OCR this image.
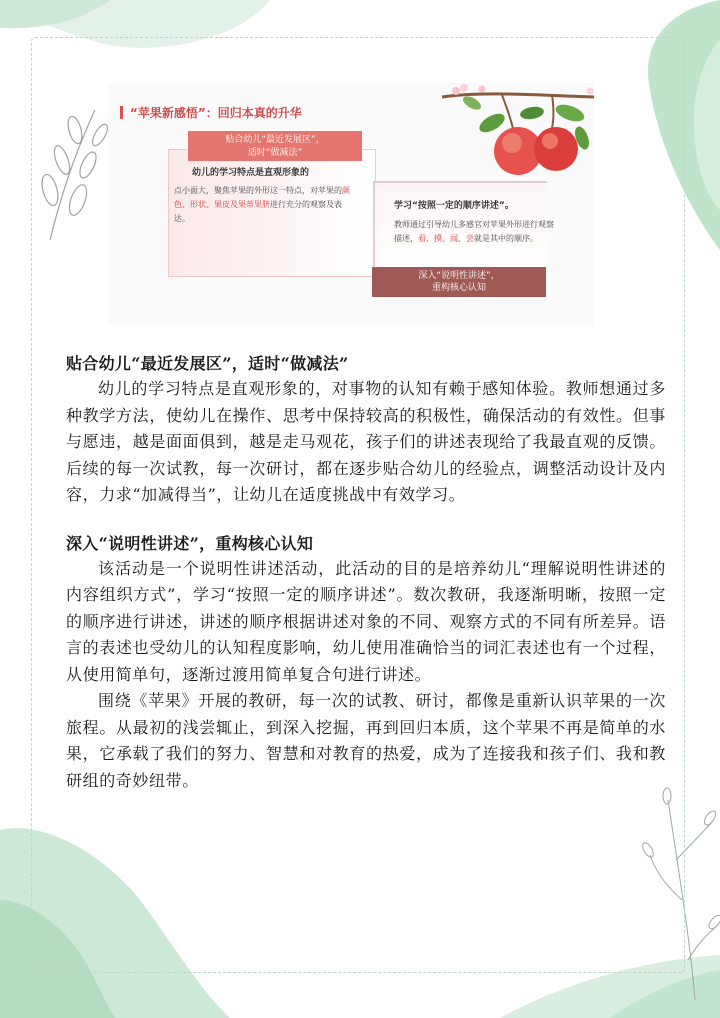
“苹果新感悟”：回归本真的升华
贴合幼儿“最近发展区”，
适时“做减法”
幼儿的学习特点是直观形象的
点小面大，聚焦苹果的外形这一特点，对苹果的颜色、形状、果皮及果蒂果脐进行充分的观察及表达。
学习“按照一定的顺序讲述”。
教师通过引导幼儿多感官对苹果外形进行观察描述，看、摸、闻、尝就是其中的顺序。
深入“说明性讲述”，
重构核心认知
贴合幼儿“最近发展区”，适时“做减法”

幼儿的学习特点是直观形象的，对事物的认知有赖于感知体验。教师想通过多种教学方法，使幼儿在操作、思考中保持较高的积极性，确保活动的有效性。但事与愿违，越是面面俱到，越是走马观花，孩子们的讲述表现给了我最直观的反馈。后续的每一次试教，每一次研讨，都在逐步贴合幼儿的经验点，调整活动设计及内容，力求“加减得当”，让幼儿在适度挑战中有效学习。

深入“说明性讲述”，重构核心认知

该活动是一个说明性讲述活动，此活动的目的是培养幼儿“理解说明性讲述的内容组织方式”，学习“按照一定的顺序讲述”。数次教研，我逐渐明晰，按照一定的顺序进行讲述，讲述的顺序根据讲述对象的不同、观察方式的不同有所差异。语言的表述也受幼儿的认知程度影响，幼儿使用准确恰当的词汇表述也有一个过程，从使用简单句，逐渐过渡用简单复合句进行讲述。

围绕《苹果》开展的教研，每一次的试教、研讨，都像是重新认识苹果的一次旅程。从最初的浅尝辄止，到深入挖掘，再到回归本质，这个苹果不再是简单的水果，它承载了我们的努力、智慧和对教育的热爱，成为了连接我和孩子们、我和教研组的奇妙纽带。
